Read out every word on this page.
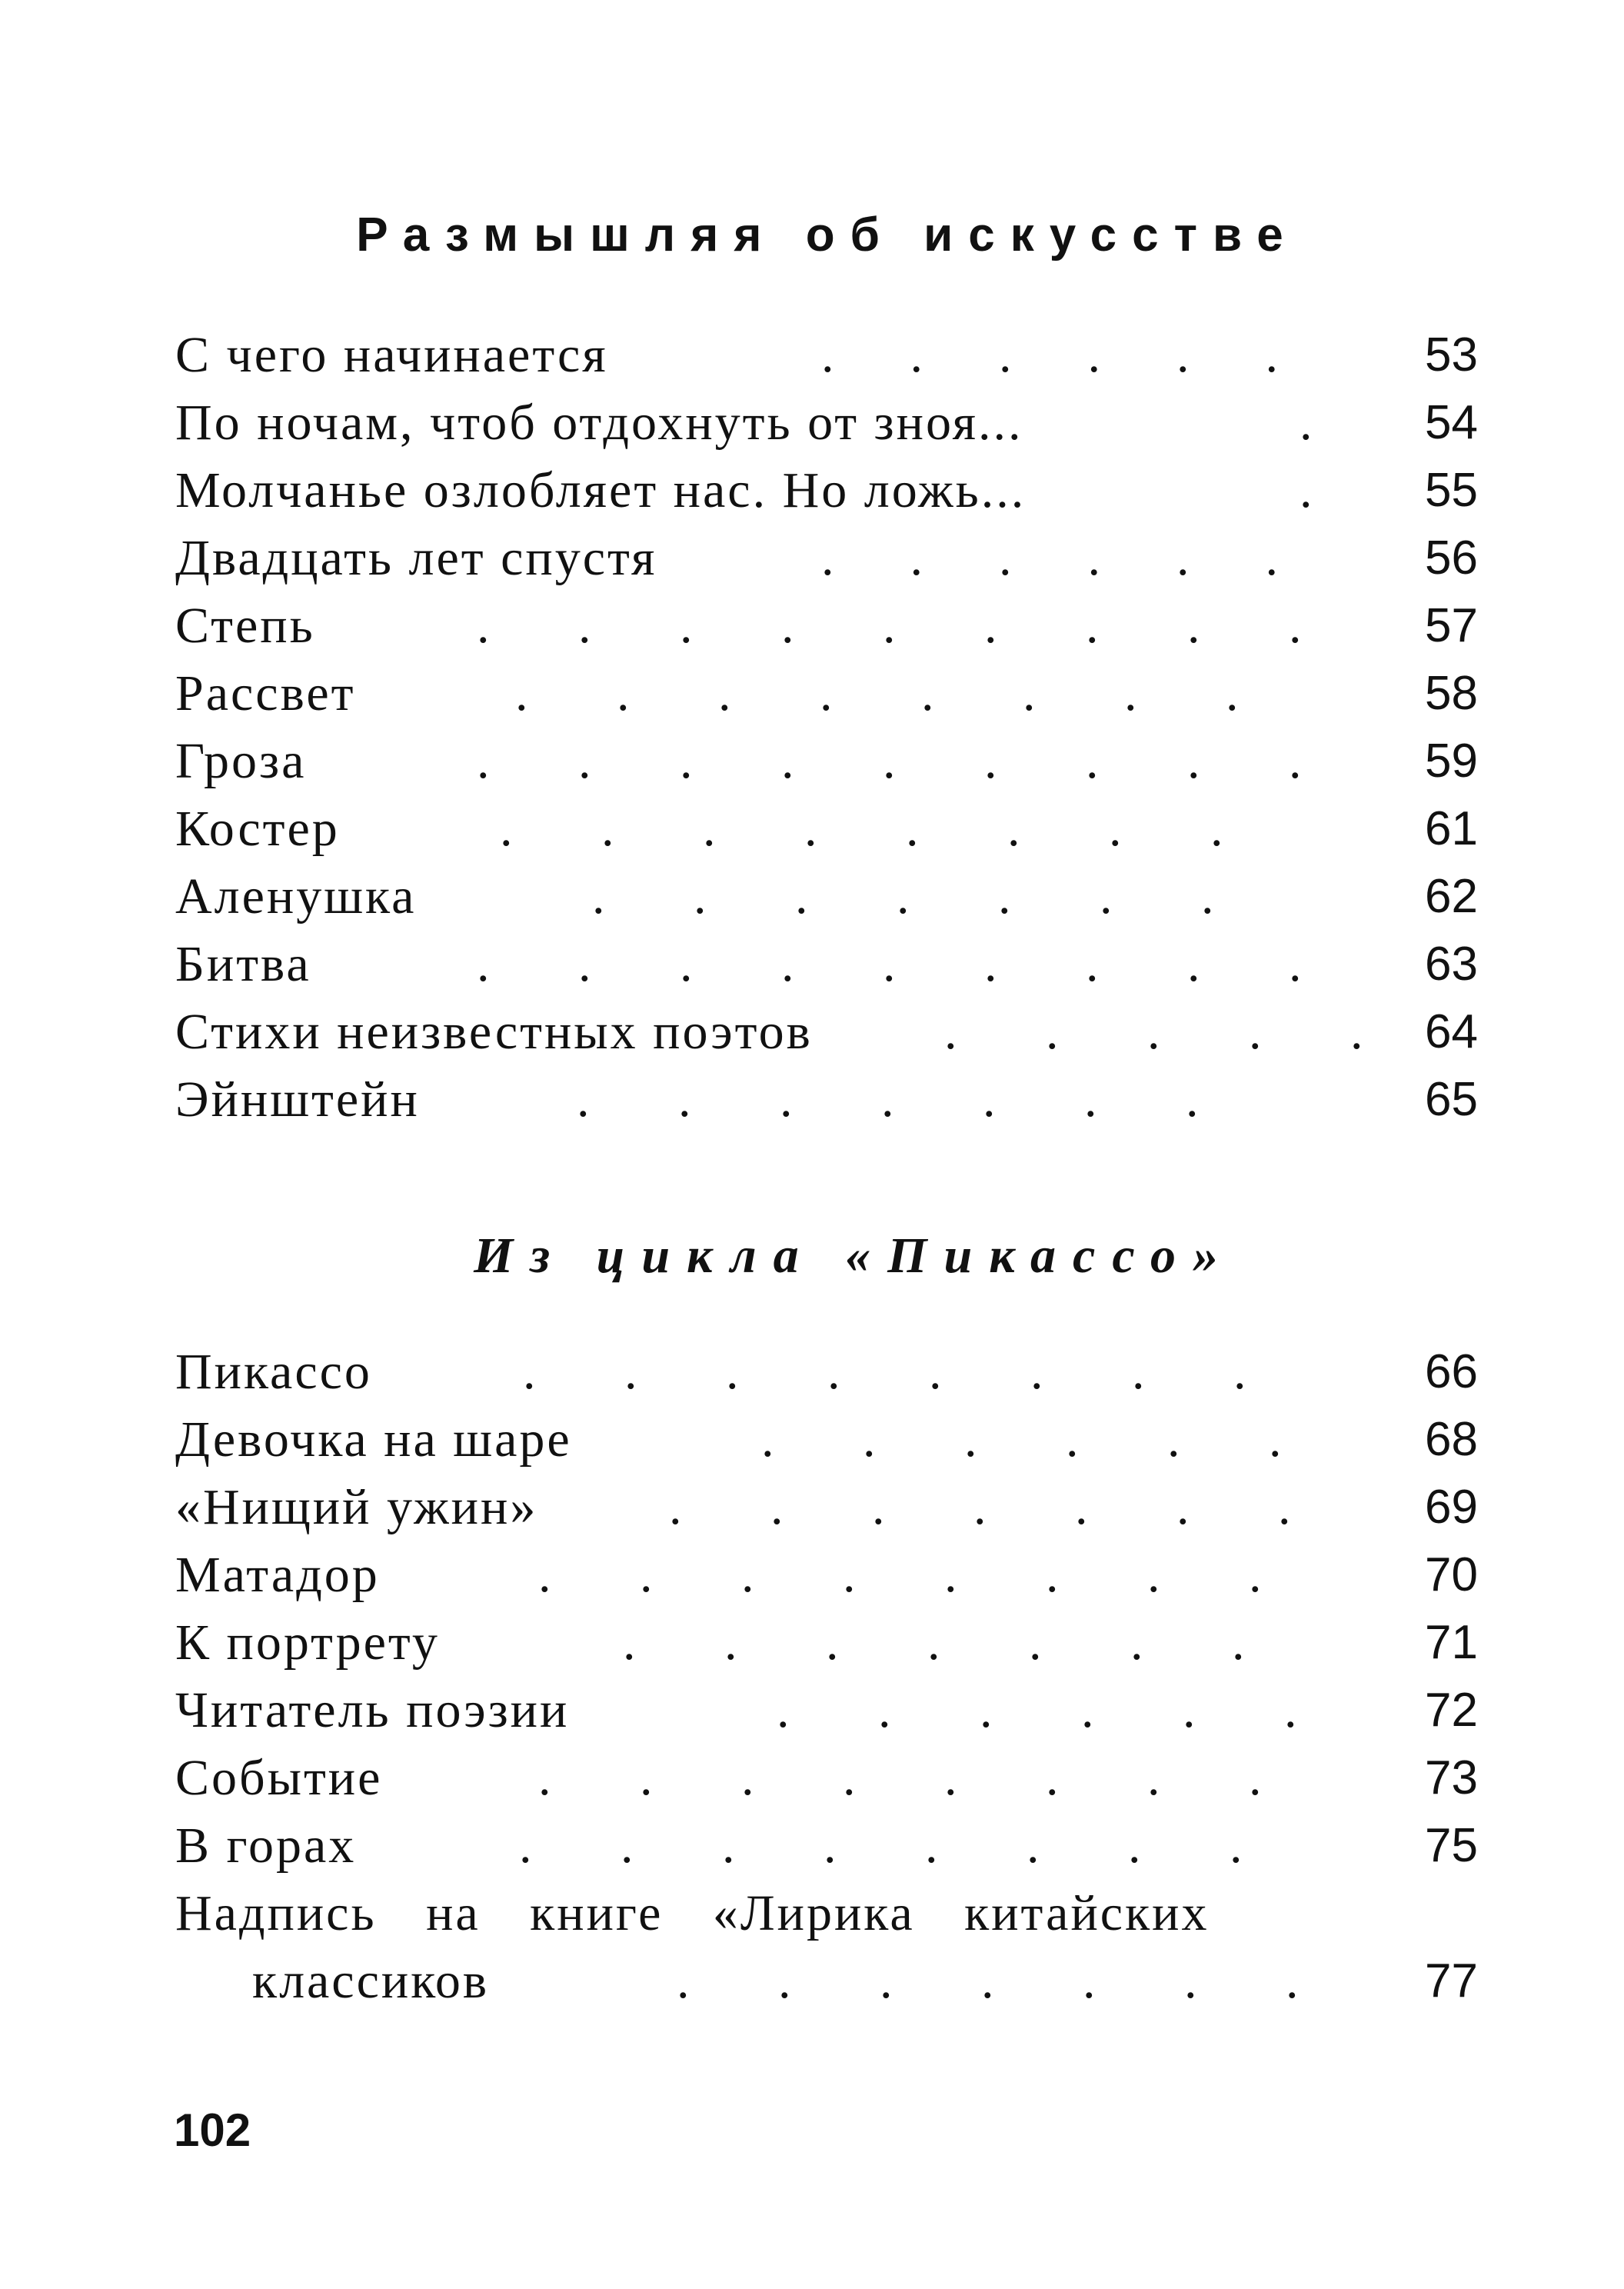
Размышляя об искусстве
С чего начинается	.      .      .      .      .      .	53
По ночам, чтоб отдохнуть от зноя...	. 54
Молчанье озлобляет нас. Но ложь...	. 55
Двадцать лет спустя	.      .      .      .      .      .	56
Степь	.       .       .       .       .       .       .       .       .	57
Рассвет	.       .       .       .       .       .       .       .	58
Гроза	.       .       .       .       .       .       .       .       .	59
Костер	.       .       .       .       .       .       .       .	61
Аленушка	.       .       .       .       .       .       .	62
Битва	.       .       .       .       .       .       .       .       .	63
Стихи неизвестных поэтов	.       .       .       .       . 64
Эйнштейн	.       .       .       .       .       .       .	65
Из цикла «Пикассо»
Пикассо	.       .       .       .       .       .       .       .	66
Девочка на шаре	.       .       .       .       .       .	68
«Нищий ужин»	.       .       .       .       .       .       .	69
Матадор	.       .       .       .       .       .       .       .	70
К портрету	.       .       .       .       .       .       .	71
Читатель поэзии	.       .       .       .       .       .	72
Событие	.       .       .       .       .       .       .       .	73
В горах	.       .       .       .       .       .       .       .	75
Надпись на книге «Лирика китайских
классиков	.       .       .       .       .       .       .	77
102
